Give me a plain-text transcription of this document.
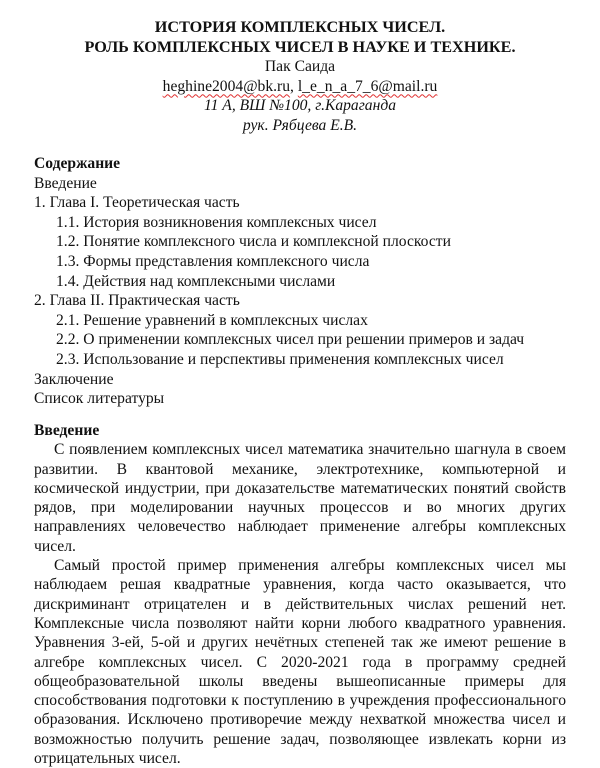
ИСТОРИЯ КОМПЛЕКСНЫХ ЧИСЕЛ.
РОЛЬ КОМПЛЕКСНЫХ ЧИСЕЛ В НАУКЕ И ТЕХНИКЕ.
Пак Саида
heghine2004@bk.ru, l_e_n_a_7_6@mail.ru
11 А, ВШ №100, г.Караганда
рук. Рябцева Е.В.
Содержание
Введение
1. Глава I. Теоретическая часть
1.1. История возникновения комплексных чисел
1.2. Понятие комплексного числа и комплексной плоскости
1.3. Формы представления комплексного числа
1.4. Действия над комплексными числами
2. Глава II. Практическая часть
2.1. Решение уравнений в комплексных числах
2.2. О применении комплексных чисел при решении примеров и задач
2.3. Использование и перспективы применения комплексных чисел
Заключение
Список литературы
Введение

С появлением комплексных чисел математика значительно шагнула в своем развитии. В квантовой механике, электротехнике, компьютерной и космической индустрии, при доказательстве математических понятий свойств рядов, при моделировании научных процессов и во многих других направлениях человечество наблюдает применение алгебры комплексных чисел.

Самый простой пример применения алгебры комплексных чисел мы наблюдаем решая квадратные уравнения, когда часто оказывается, что дискриминант отрицателен и в действительных числах решений нет. Комплексные числа позволяют найти корни любого квадратного уравнения. Уравнения 3-ей, 5-ой и других нечётных степеней так же имеют решение в алгебре комплексных чисел. С 2020-2021 года в программу средней общеобразовательной школы введены вышеописанные примеры для способствования подготовки к поступлению в учреждения профессионального образования. Исключено противоречие между нехваткой множества чисел и возможностью получить решение задач, позволяющее извлекать корни из отрицательных чисел.
